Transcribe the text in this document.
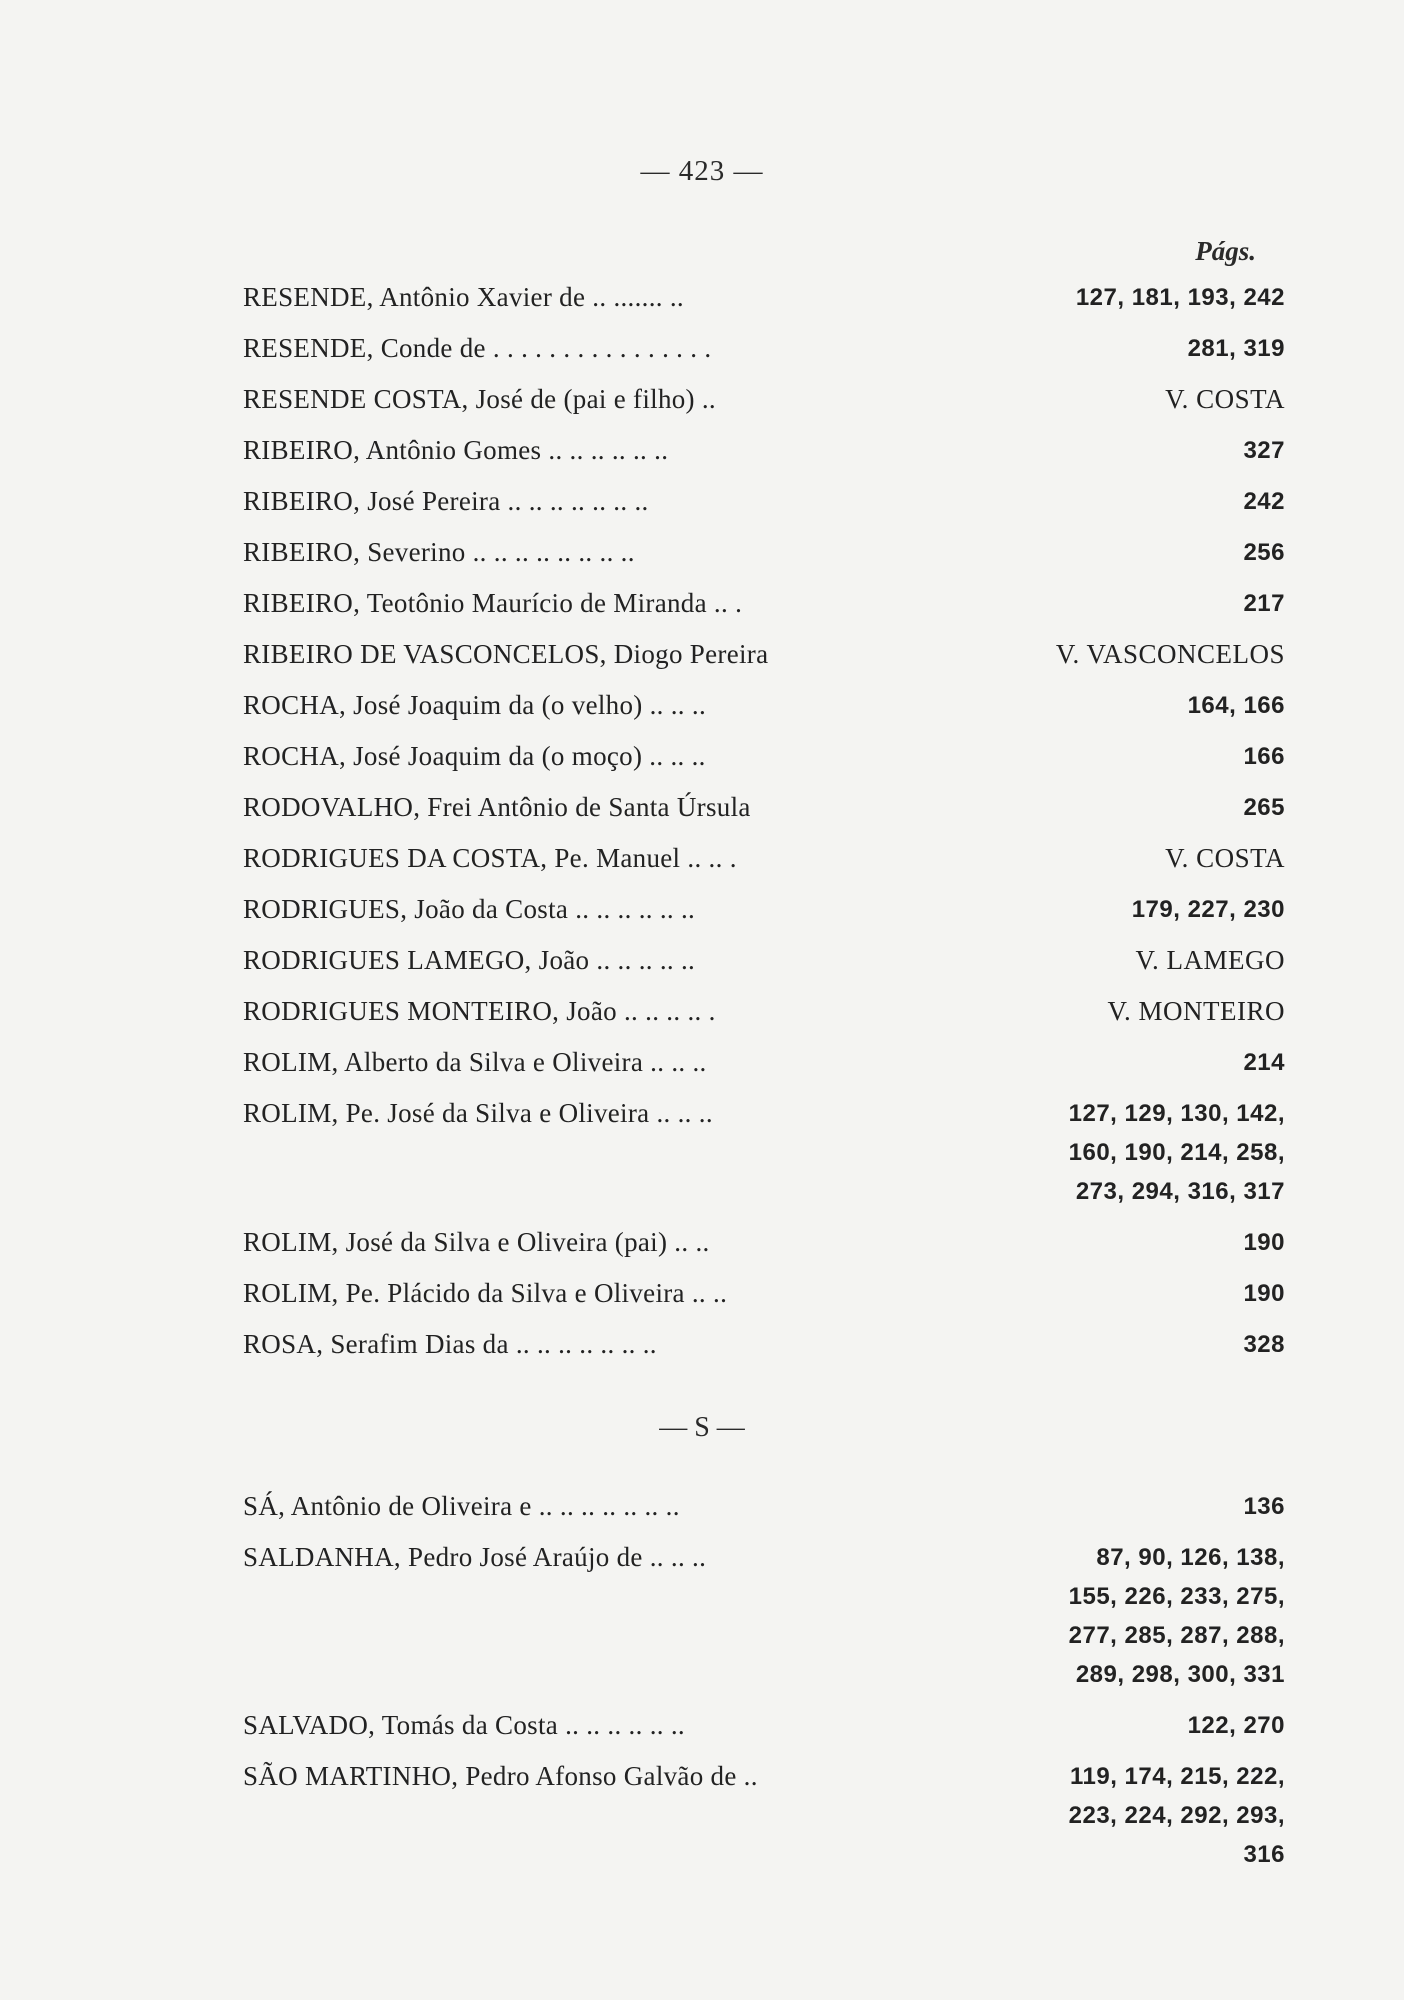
— 423 —
Págs.
RESENDE, Antônio Xavier de .. ....... ..	127, 181, 193, 242
RESENDE, Conde de . . . . . . . . . . . . . . . .	281, 319
RESENDE COSTA, José de (pai e filho) ..	V. COSTA
RIBEIRO, Antônio Gomes .. .. .. .. .. ..	327
RIBEIRO, José Pereira .. .. .. .. .. .. ..	242
RIBEIRO, Severino .. .. .. .. .. .. .. ..	256
RIBEIRO, Teotônio Maurício de Miranda .. .	217
RIBEIRO DE VASCONCELOS, Diogo Pereira	V. VASCONCELOS
ROCHA, José Joaquim da (o velho) .. .. ..	164, 166
ROCHA, José Joaquim da (o moço) .. .. ..	166
RODOVALHO, Frei Antônio de Santa Úrsula	265
RODRIGUES DA COSTA, Pe. Manuel .. .. .	V. COSTA
RODRIGUES, João da Costa .. .. .. .. .. ..	179, 227, 230
RODRIGUES LAMEGO, João .. .. .. .. ..	V. LAMEGO
RODRIGUES MONTEIRO, João .. .. .. .. .	V. MONTEIRO
ROLIM, Alberto da Silva e Oliveira .. .. ..	214
ROLIM, Pe. José da Silva e Oliveira .. .. ..	127, 129, 130, 142,
160, 190, 214, 258,
273, 294, 316, 317
ROLIM, José da Silva e Oliveira (pai) .. ..	190
ROLIM, Pe. Plácido da Silva e Oliveira .. ..	190
ROSA, Serafim Dias da .. .. .. .. .. .. ..	328
— S —
SÁ, Antônio de Oliveira e .. .. .. .. .. .. ..	136
SALDANHA, Pedro José Araújo de .. .. ..	87, 90, 126, 138,
155, 226, 233, 275,
277, 285, 287, 288,
289, 298, 300, 331
SALVADO, Tomás da Costa .. .. .. .. .. ..	122, 270
SÃO MARTINHO, Pedro Afonso Galvão de ..	119, 174, 215, 222,
223, 224, 292, 293,
316
